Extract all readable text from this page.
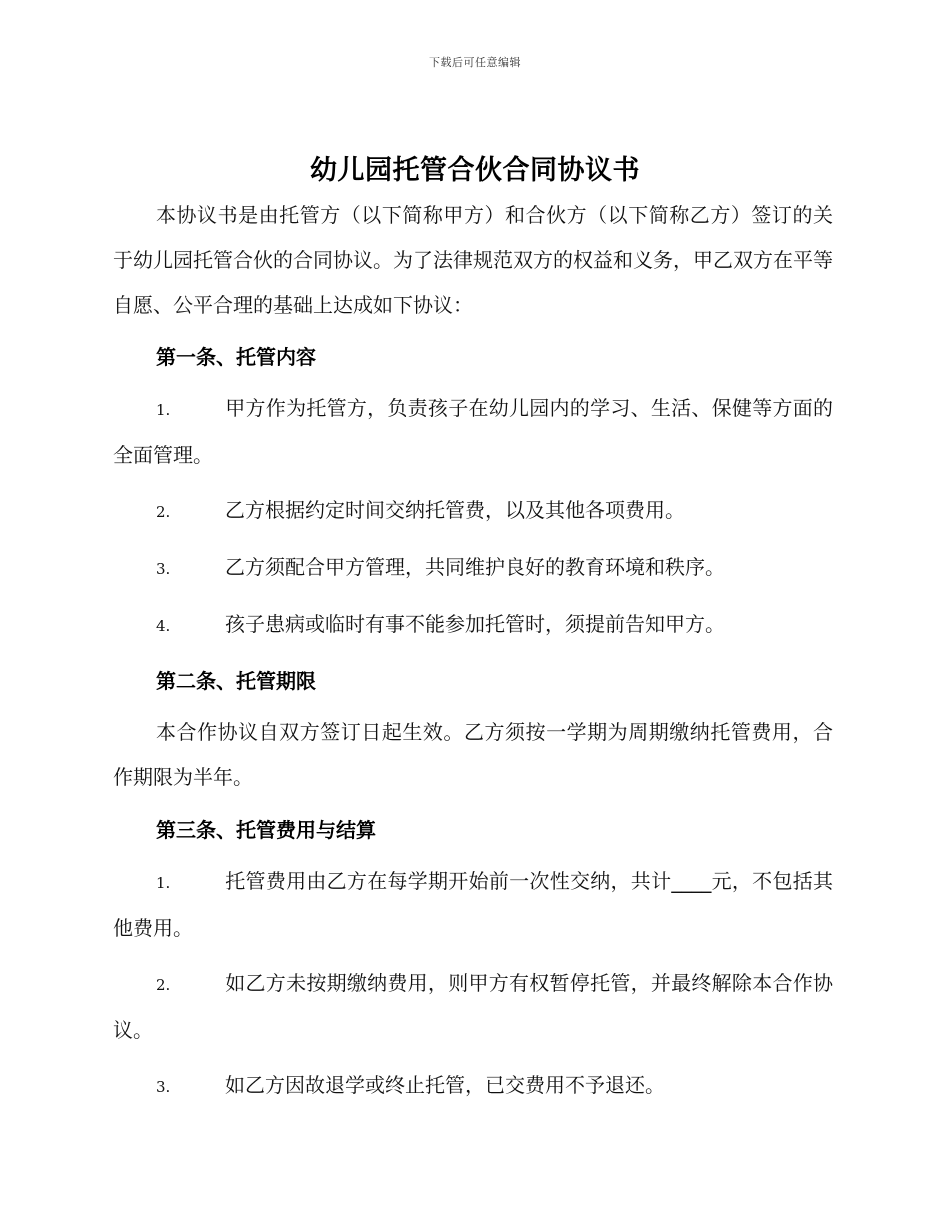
下载后可任意编辑
幼儿园托管合伙合同协议书

本协议书是由托管方（以下简称甲方）和合伙方（以下简称乙方）签订的关于幼儿园托管合伙的合同协议。为了法律规范双方的权益和义务，甲乙双方在平等自愿、公平合理的基础上达成如下协议：

第一条、托管内容
1.	甲方作为托管方，负责孩子在幼儿园内的学习、生活、保健等方面的全面管理。
2.	乙方根据约定时间交纳托管费，以及其他各项费用。
3.	乙方须配合甲方管理，共同维护良好的教育环境和秩序。
4.	孩子患病或临时有事不能参加托管时，须提前告知甲方。
第二条、托管期限

本合作协议自双方签订日起生效。乙方须按一学期为周期缴纳托管费用，合作期限为半年。

第三条、托管费用与结算
1.	托管费用由乙方在每学期开始前一次性交纳，共计____元，不包括其他费用。
2.	如乙方未按期缴纳费用，则甲方有权暂停托管，并最终解除本合作协议。
3.	如乙方因故退学或终止托管，已交费用不予退还。
